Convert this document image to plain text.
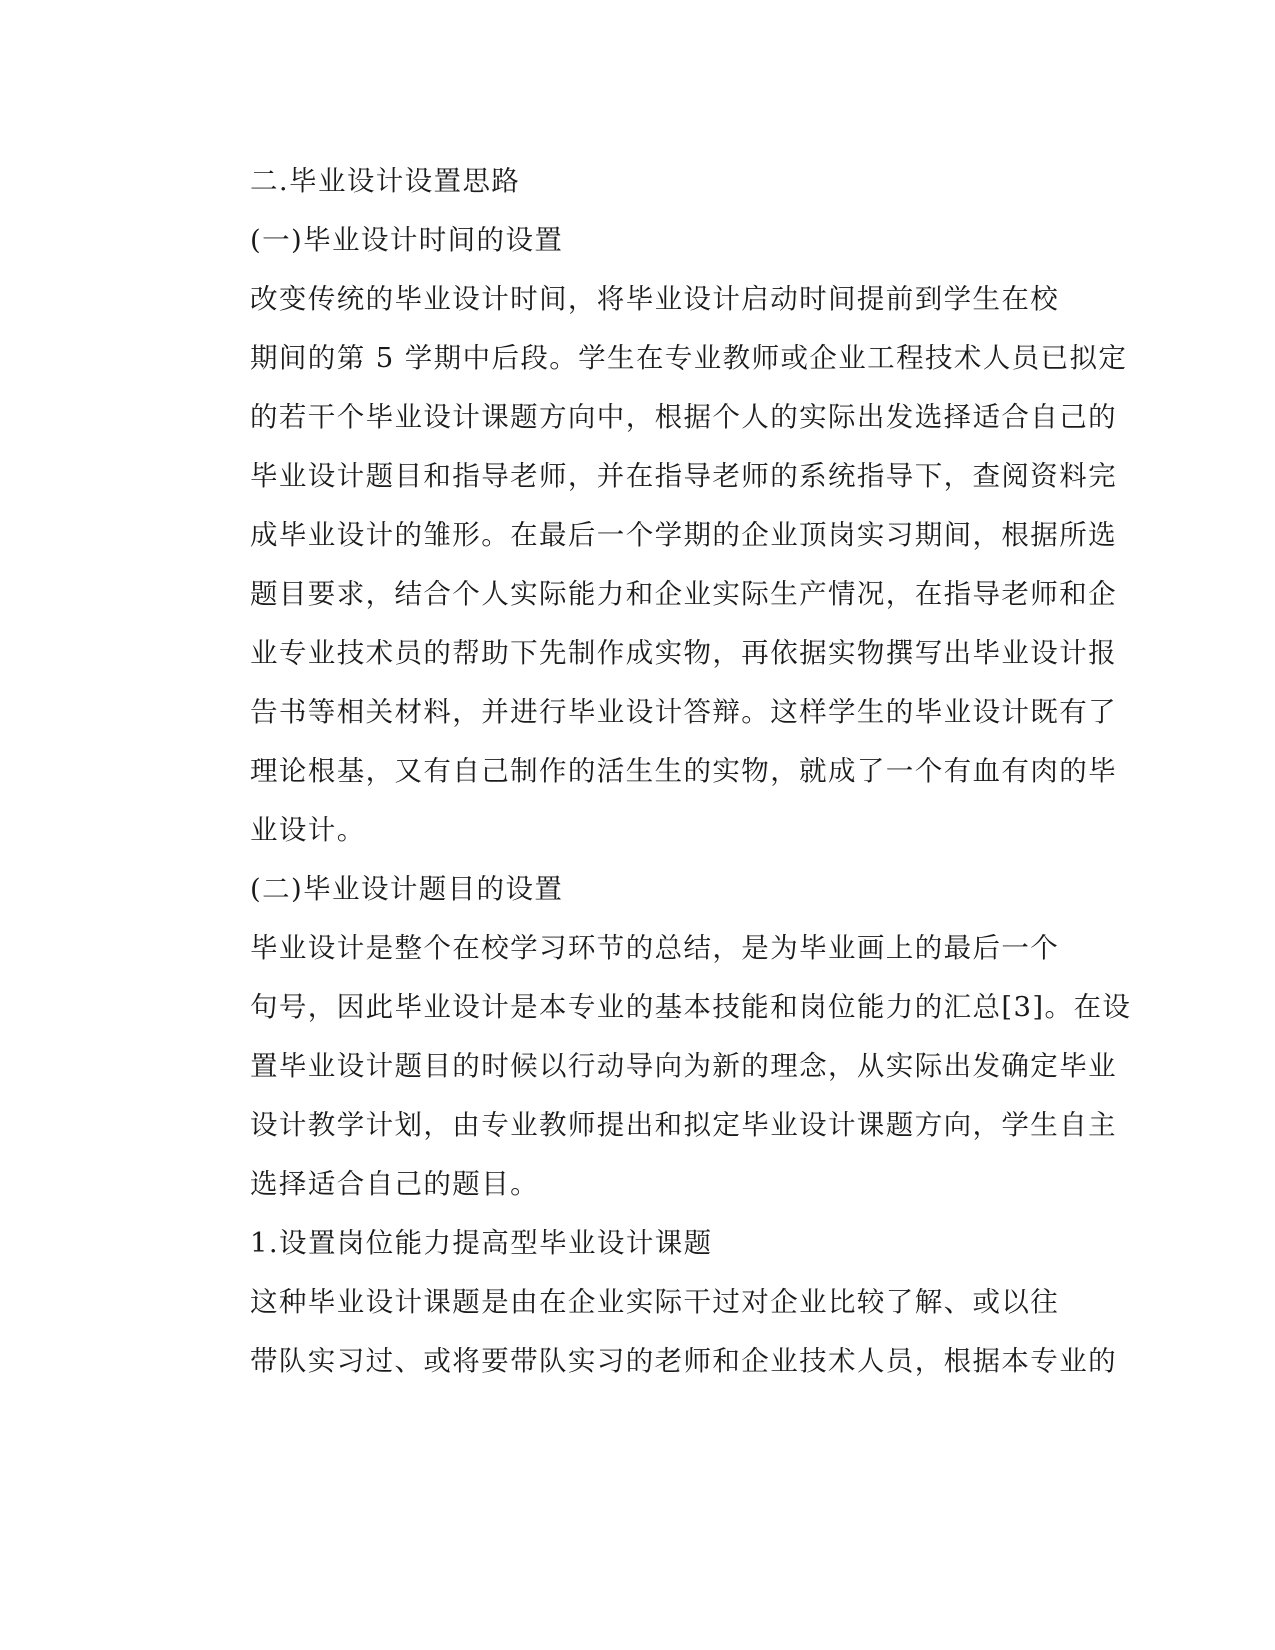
二.毕业设计设置思路
(一)毕业设计时间的设置

改变传统的毕业设计时间，将毕业设计启动时间提前到学生在校
期间的第 5 学期中后段。学生在专业教师或企业工程技术人员已拟定
的若干个毕业设计课题方向中，根据个人的实际出发选择适合自己的
毕业设计题目和指导老师，并在指导老师的系统指导下，查阅资料完
成毕业设计的雏形。在最后一个学期的企业顶岗实习期间，根据所选
题目要求，结合个人实际能力和企业实际生产情况，在指导老师和企
业专业技术员的帮助下先制作成实物，再依据实物撰写出毕业设计报
告书等相关材料，并进行毕业设计答辩。这样学生的毕业设计既有了
理论根基，又有自己制作的活生生的实物，就成了一个有血有肉的毕
业设计。

(二)毕业设计题目的设置

毕业设计是整个在校学习环节的总结，是为毕业画上的最后一个
句号，因此毕业设计是本专业的基本技能和岗位能力的汇总[3]。在设
置毕业设计题目的时候以行动导向为新的理念，从实际出发确定毕业
设计教学计划，由专业教师提出和拟定毕业设计课题方向，学生自主
选择适合自己的题目。

1.设置岗位能力提高型毕业设计课题

这种毕业设计课题是由在企业实际干过对企业比较了解、或以往
带队实习过、或将要带队实习的老师和企业技术人员，根据本专业的
